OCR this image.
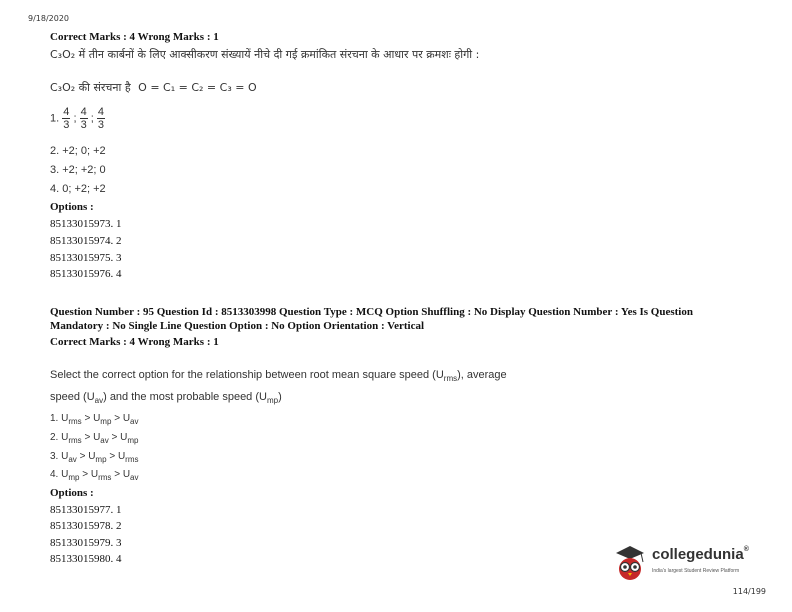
9/18/2020
Correct Marks : 4 Wrong Marks : 1
C₃O₂ में तीन कार्बनों के लिए आक्सीकरण संख्यायें नीचे दी गई क्रमांकित संरचना के आधार पर क्रमशः होगी :
C₃O₂ की संरचना है O = C₁ = C₂ = C₃ = O
1. $\frac{4}{3}$ ; $\frac{4}{3}$ ; $\frac{4}{3}$
2. +2; 0; +2
3. +2; +2; 0
4. 0; +2; +2
Options :
85133015973. 1
85133015974. 2
85133015975. 3
85133015976. 4
Question Number : 95 Question Id : 8513303998 Question Type : MCQ Option Shuffling : No Display Question Number : Yes Is Question Mandatory : No Single Line Question Option : No Option Orientation : Vertical
Correct Marks : 4 Wrong Marks : 1
Select the correct option for the relationship between root mean square speed $(U_{rms})$, average
speed $(U_{av})$ and the most probable speed $(U_{mp})$
1. $U_{rms} > U_{mp} > U_{av}$
2. $U_{rms} > U_{av} > U_{mp}$
3. $U_{av} > U_{mp} > U_{rms}$
4. $U_{mp} > U_{rms} > U_{av}$
Options :
85133015977. 1
85133015978. 2
85133015979. 3
85133015980. 4	collegedunia®
India's largest Student Review Platform
114/199
